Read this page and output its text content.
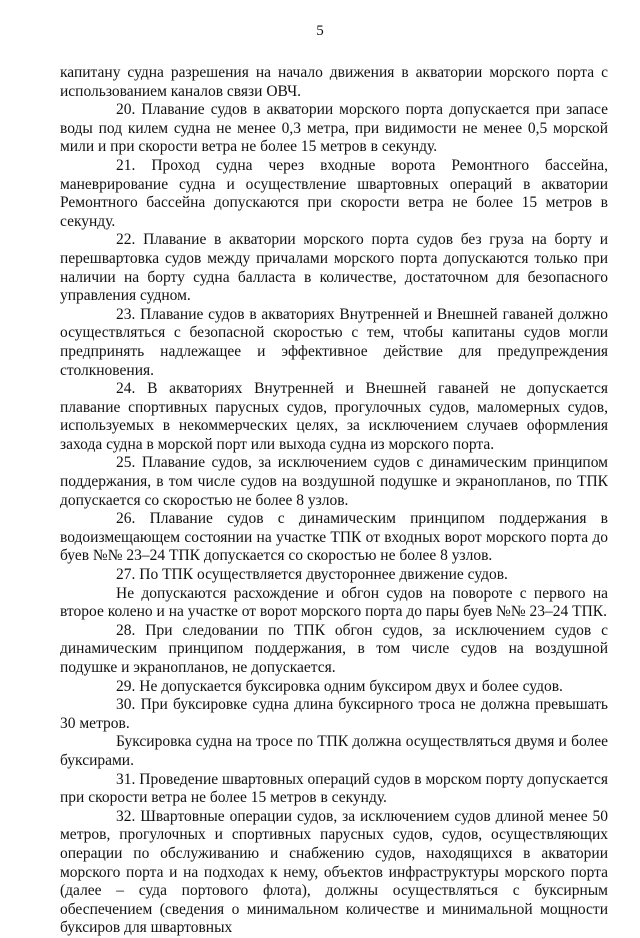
5

капитану судна разрешения на начало движения в акватории морского порта с использованием каналов связи ОВЧ.

20. Плавание судов в акватории морского порта допускается при запасе воды под килем судна не менее 0,3 метра, при видимости не менее 0,5 морской мили и при скорости ветра не более 15 метров в секунду.

21. Проход судна через входные ворота Ремонтного бассейна, маневрирование судна и осуществление швартовных операций в акватории Ремонтного бассейна допускаются при скорости ветра не более 15 метров в секунду.

22. Плавание в акватории морского порта судов без груза на борту и перешвартовка судов между причалами морского порта допускаются только при наличии на борту судна балласта в количестве, достаточном для безопасного управления судном.

23. Плавание судов в акваториях Внутренней и Внешней гаваней должно осуществляться с безопасной скоростью с тем, чтобы капитаны судов могли предпринять надлежащее и эффективное действие для предупреждения столкновения.

24. В акваториях Внутренней и Внешней гаваней не допускается плавание спортивных парусных судов, прогулочных судов, маломерных судов, используемых в некоммерческих целях, за исключением случаев оформления захода судна в морской порт или выхода судна из морского порта.

25. Плавание судов, за исключением судов с динамическим принципом поддержания, в том числе судов на воздушной подушке и экранопланов, по ТПК допускается со скоростью не более 8 узлов.

26. Плавание судов с динамическим принципом поддержания в водоизмещающем состоянии на участке ТПК от входных ворот морского порта до буев №№ 23–24 ТПК допускается со скоростью не более 8 узлов.

27. По ТПК осуществляется двустороннее движение судов.

Не допускаются расхождение и обгон судов на повороте с первого на второе колено и на участке от ворот морского порта до пары буев №№ 23–24 ТПК.

28. При следовании по ТПК обгон судов, за исключением судов с динамическим принципом поддержания, в том числе судов на воздушной подушке и экранопланов, не допускается.

29. Не допускается буксировка одним буксиром двух и более судов.

30. При буксировке судна длина буксирного троса не должна превышать 30 метров.

Буксировка судна на тросе по ТПК должна осуществляться двумя и более буксирами.

31. Проведение швартовных операций судов в морском порту допускается при скорости ветра не более 15 метров в секунду.

32. Швартовные операции судов, за исключением судов длиной менее 50 метров, прогулочных и спортивных парусных судов, судов, осуществляющих операции по обслуживанию и снабжению судов, находящихся в акватории морского порта и на подходах к нему, объектов инфраструктуры морского порта (далее – суда портового флота), должны осуществляться с буксирным обеспечением (сведения о минимальном количестве и минимальной мощности буксиров для швартовных
